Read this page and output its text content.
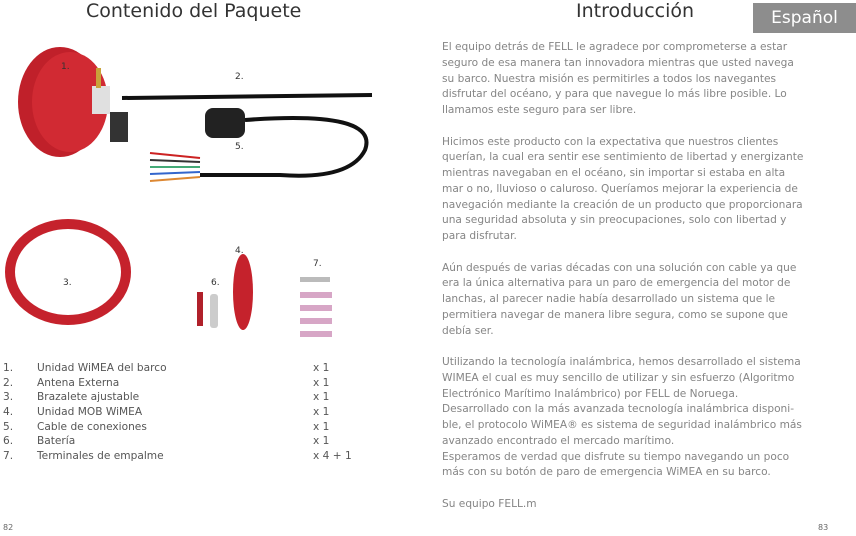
Contenido del Paquete	Introducción	Español
1.
2.
3.
4.
5.
6.
7.
1. Unidad WiMEA del barco	x 1
2. Antena Externa	x 1
3. Brazalete ajustable	x 1
4. Unidad MOB WiMEA	x 1
5. Cable de conexiones	x 1
6. Batería	x 1
7. Terminales de empalme	x 4 + 1

El equipo detrás de FELL le agradece por comprometerse a estar
seguro de esa manera tan innovadora mientras que usted navega
su barco. Nuestra misión es permitirles a todos los navegantes
disfrutar del océano, y para que navegue lo más libre posible. Lo
llamamos este seguro para ser libre.

Hicimos este producto con la expectativa que nuestros clientes
querían, la cual era sentir ese sentimiento de libertad y energizante
mientras navegaban en el océano, sin importar si estaba en alta
mar o no, lluvioso o caluroso. Queríamos mejorar la experiencia de
navegación mediante la creación de un producto que proporcionara
una seguridad absoluta y sin preocupaciones, solo con libertad y
para disfrutar.

Aún después de varias décadas con una solución con cable ya que
era la única alternativa para un paro de emergencia del motor de
lanchas, al parecer nadie había desarrollado un sistema que le
permitiera navegar de manera libre segura, como se supone que
debía ser.

Utilizando la tecnología inalámbrica, hemos desarrollado el sistema
WIMEA el cual es muy sencillo de utilizar y sin esfuerzo (Algoritmo
Electrónico Marítimo Inalámbrico) por FELL de Noruega.
Desarrollado con la más avanzada tecnología inalámbrica disponi-
ble, el protocolo WiMEA® es sistema de seguridad inalámbrico más
avanzado encontrado el mercado marítimo.
Esperamos de verdad que disfrute su tiempo navegando un poco
más con su botón de paro de emergencia WiMEA en su barco.

Su equipo FELL.m

82	83
